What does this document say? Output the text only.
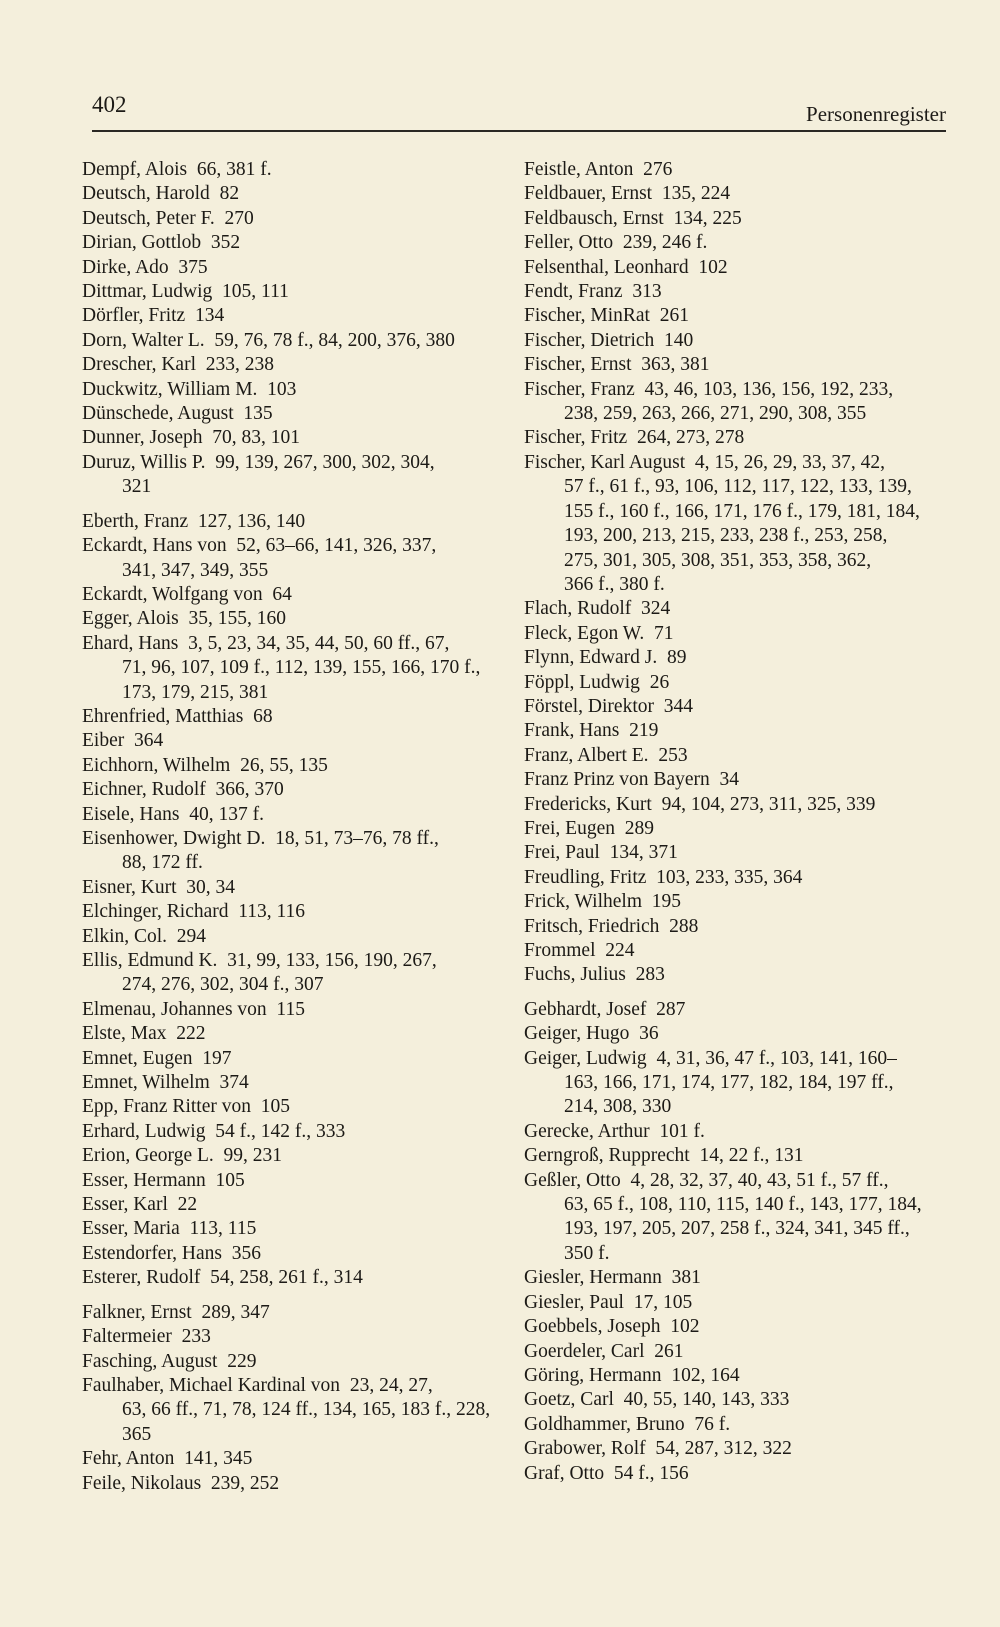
402	Personenregister
Dempf, Alois  66, 381 f.
Deutsch, Harold  82
Deutsch, Peter F.  270
Dirian, Gottlob  352
Dirke, Ado  375
Dittmar, Ludwig  105, 111
Dörfler, Fritz  134
Dorn, Walter L.  59, 76, 78 f., 84, 200, 376, 380
Drescher, Karl  233, 238
Duckwitz, William M.  103
Dünschede, August  135
Dunner, Joseph  70, 83, 101
Duruz, Willis P.  99, 139, 267, 300, 302, 304,
321
Eberth, Franz  127, 136, 140
Eckardt, Hans von  52, 63–66, 141, 326, 337,
341, 347, 349, 355
Eckardt, Wolfgang von  64
Egger, Alois  35, 155, 160
Ehard, Hans  3, 5, 23, 34, 35, 44, 50, 60 ff., 67,
71, 96, 107, 109 f., 112, 139, 155, 166, 170 f.,
173, 179, 215, 381
Ehrenfried, Matthias  68
Eiber  364
Eichhorn, Wilhelm  26, 55, 135
Eichner, Rudolf  366, 370
Eisele, Hans  40, 137 f.
Eisenhower, Dwight D.  18, 51, 73–76, 78 ff.,
88, 172 ff.
Eisner, Kurt  30, 34
Elchinger, Richard  113, 116
Elkin, Col.  294
Ellis, Edmund K.  31, 99, 133, 156, 190, 267,
274, 276, 302, 304 f., 307
Elmenau, Johannes von  115
Elste, Max  222
Emnet, Eugen  197
Emnet, Wilhelm  374
Epp, Franz Ritter von  105
Erhard, Ludwig  54 f., 142 f., 333
Erion, George L.  99, 231
Esser, Hermann  105
Esser, Karl  22
Esser, Maria  113, 115
Estendorfer, Hans  356
Esterer, Rudolf  54, 258, 261 f., 314
Falkner, Ernst  289, 347
Faltermeier  233
Fasching, August  229
Faulhaber, Michael Kardinal von  23, 24, 27,
63, 66 ff., 71, 78, 124 ff., 134, 165, 183 f., 228,
365
Fehr, Anton  141, 345
Feile, Nikolaus  239, 252
Feistle, Anton  276
Feldbauer, Ernst  135, 224
Feldbausch, Ernst  134, 225
Feller, Otto  239, 246 f.
Felsenthal, Leonhard  102
Fendt, Franz  313
Fischer, MinRat  261
Fischer, Dietrich  140
Fischer, Ernst  363, 381
Fischer, Franz  43, 46, 103, 136, 156, 192, 233,
238, 259, 263, 266, 271, 290, 308, 355
Fischer, Fritz  264, 273, 278
Fischer, Karl August  4, 15, 26, 29, 33, 37, 42,
57 f., 61 f., 93, 106, 112, 117, 122, 133, 139,
155 f., 160 f., 166, 171, 176 f., 179, 181, 184,
193, 200, 213, 215, 233, 238 f., 253, 258,
275, 301, 305, 308, 351, 353, 358, 362,
366 f., 380 f.
Flach, Rudolf  324
Fleck, Egon W.  71
Flynn, Edward J.  89
Föppl, Ludwig  26
Förstel, Direktor  344
Frank, Hans  219
Franz, Albert E.  253
Franz Prinz von Bayern  34
Fredericks, Kurt  94, 104, 273, 311, 325, 339
Frei, Eugen  289
Frei, Paul  134, 371
Freudling, Fritz  103, 233, 335, 364
Frick, Wilhelm  195
Fritsch, Friedrich  288
Frommel  224
Fuchs, Julius  283
Gebhardt, Josef  287
Geiger, Hugo  36
Geiger, Ludwig  4, 31, 36, 47 f., 103, 141, 160–
163, 166, 171, 174, 177, 182, 184, 197 ff.,
214, 308, 330
Gerecke, Arthur  101 f.
Gerngroß, Rupprecht  14, 22 f., 131
Geßler, Otto  4, 28, 32, 37, 40, 43, 51 f., 57 ff.,
63, 65 f., 108, 110, 115, 140 f., 143, 177, 184,
193, 197, 205, 207, 258 f., 324, 341, 345 ff.,
350 f.
Giesler, Hermann  381
Giesler, Paul  17, 105
Goebbels, Joseph  102
Goerdeler, Carl  261
Göring, Hermann  102, 164
Goetz, Carl  40, 55, 140, 143, 333
Goldhammer, Bruno  76 f.
Grabower, Rolf  54, 287, 312, 322
Graf, Otto  54 f., 156
